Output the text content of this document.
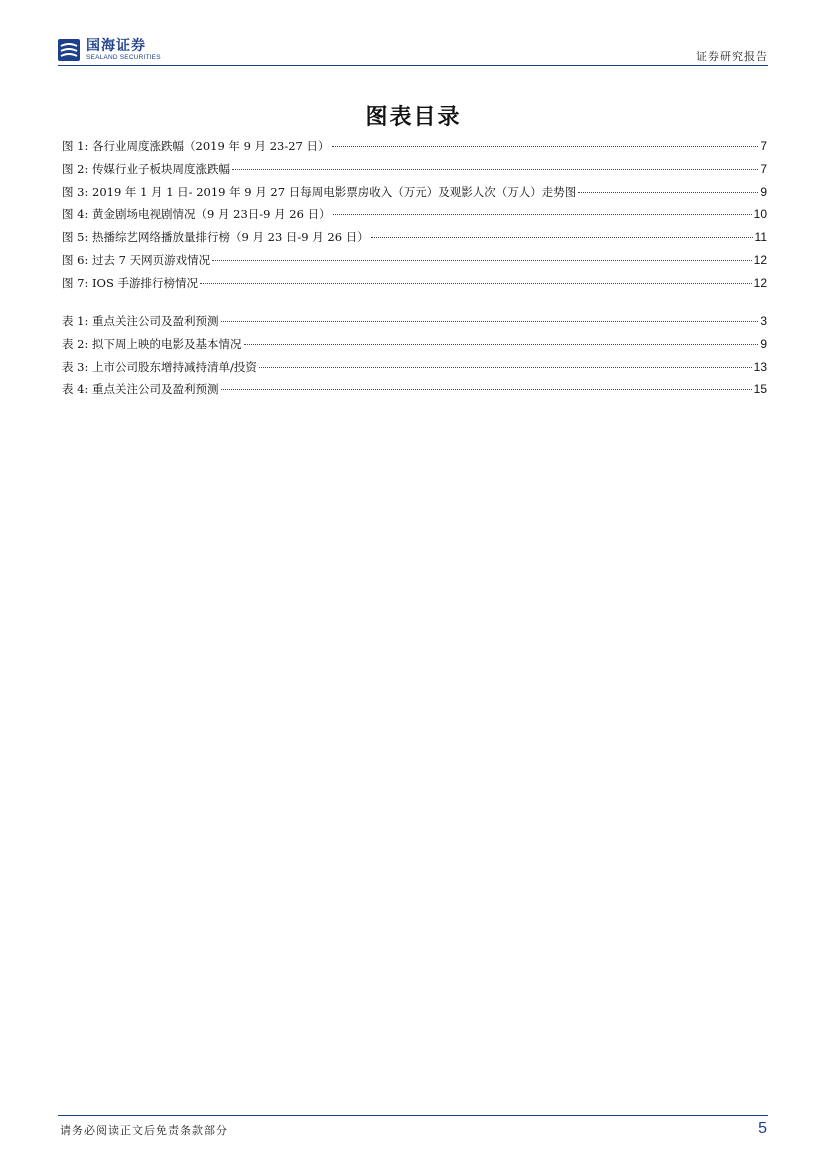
国海证券
SEALAND SECURITIES	证券研究报告
图表目录
图 1: 各行业周度涨跌幅（2019 年 9 月 23-27 日）	7
图 2: 传媒行业子板块周度涨跌幅	7
图 3: 2019 年 1 月 1 日- 2019 年 9 月 27 日每周电影票房收入（万元）及观影人次（万人）走势图	9
图 4: 黄金剧场电视剧情况（9 月 23日-9 月 26 日）	10
图 5: 热播综艺网络播放量排行榜（9 月 23 日-9 月 26 日）	11
图 6: 过去 7 天网页游戏情况	12
图 7: IOS 手游排行榜情况	12
表 1: 重点关注公司及盈利预测	3
表 2: 拟下周上映的电影及基本情况	9
表 3: 上市公司股东增持减持清单/投资	13
表 4: 重点关注公司及盈利预测	15
请务必阅读正文后免责条款部分	5
